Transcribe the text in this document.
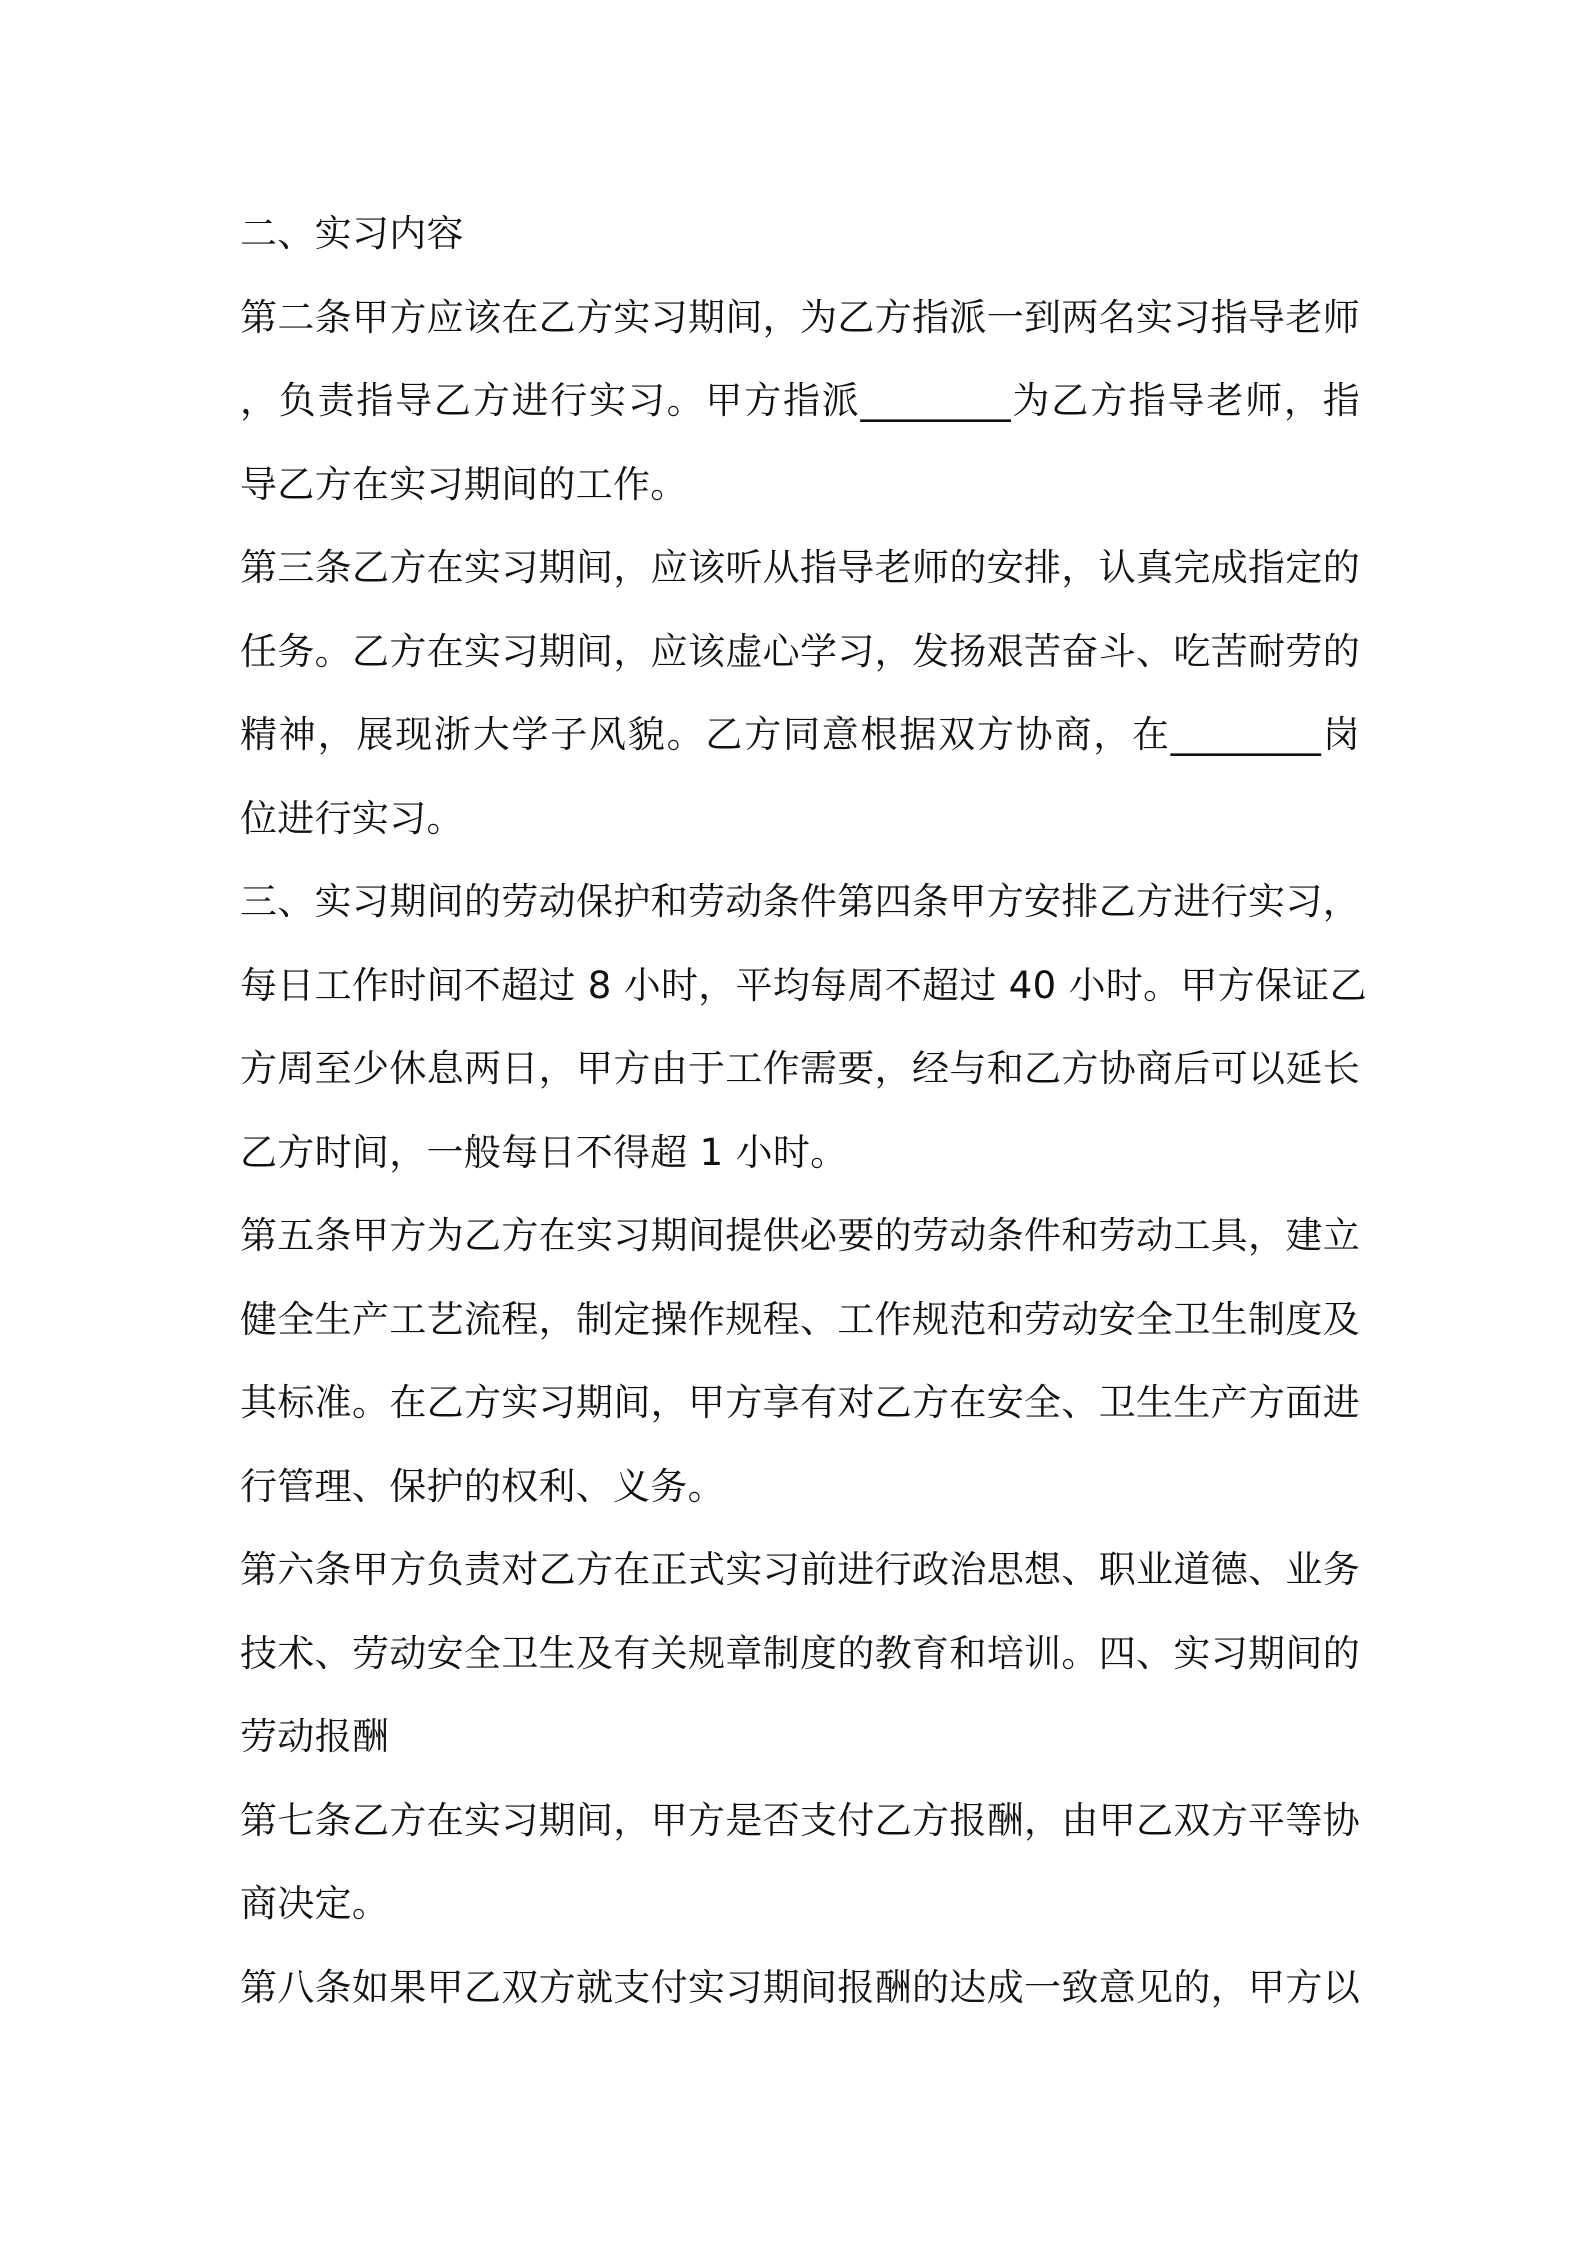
二、实习内容

第二条甲方应该在乙方实习期间，为乙方指派一到两名实习指导老师
，负责指导乙方进行实习。甲方指派________为乙方指导老师，指
导乙方在实习期间的工作。

第三条乙方在实习期间，应该听从指导老师的安排，认真完成指定的
任务。乙方在实习期间，应该虚心学习，发扬艰苦奋斗、吃苦耐劳的
精神，展现浙大学子风貌。乙方同意根据双方协商，在________岗
位进行实习。

三、实习期间的劳动保护和劳动条件第四条甲方安排乙方进行实习，
每日工作时间不超过 8 小时，平均每周不超过 40 小时。甲方保证乙
方周至少休息两日，甲方由于工作需要，经与和乙方协商后可以延长
乙方时间，一般每日不得超 1 小时。

第五条甲方为乙方在实习期间提供必要的劳动条件和劳动工具，建立
健全生产工艺流程，制定操作规程、工作规范和劳动安全卫生制度及
其标准。在乙方实习期间，甲方享有对乙方在安全、卫生生产方面进
行管理、保护的权利、义务。

第六条甲方负责对乙方在正式实习前进行政治思想、职业道德、业务
技术、劳动安全卫生及有关规章制度的教育和培训。四、实习期间的
劳动报酬

第七条乙方在实习期间，甲方是否支付乙方报酬，由甲乙双方平等协
商决定。

第八条如果甲乙双方就支付实习期间报酬的达成一致意见的，甲方以
